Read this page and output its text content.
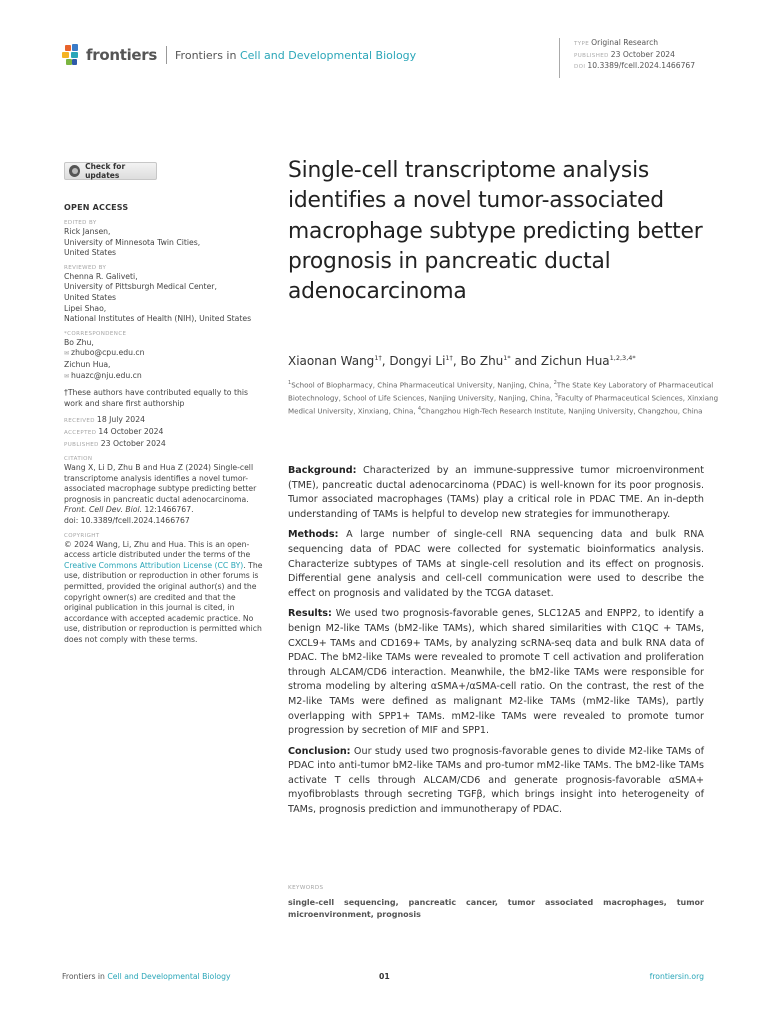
frontiers Frontiers in Cell and Developmental Biology
TYPE Original Research
PUBLISHED 23 October 2024
DOI 10.3389/fcell.2024.1466767
Check for updates
OPEN ACCESS
EDITED BY
Rick Jansen,
University of Minnesota Twin Cities,
United States
REVIEWED BY
Chenna R. Galiveti,
University of Pittsburgh Medical Center,
United States
Lipei Shao,
National Institutes of Health (NIH), United States
*CORRESPONDENCE
Bo Zhu,
✉ zhubo@cpu.edu.cn
Zichun Hua,
✉ huazc@nju.edu.cn
†These authors have contributed equally to this work and share first authorship
RECEIVED 18 July 2024
ACCEPTED 14 October 2024
PUBLISHED 23 October 2024
CITATION
Wang X, Li D, Zhu B and Hua Z (2024) Single-cell transcriptome analysis identifies a novel tumor-associated macrophage subtype predicting better prognosis in pancreatic ductal adenocarcinoma.
Front. Cell Dev. Biol. 12:1466767.
doi: 10.3389/fcell.2024.1466767
COPYRIGHT
© 2024 Wang, Li, Zhu and Hua. This is an open-access article distributed under the terms of the Creative Commons Attribution License (CC BY). The use, distribution or reproduction in other forums is permitted, provided the original author(s) and the copyright owner(s) are credited and that the original publication in this journal is cited, in accordance with accepted academic practice. No use, distribution or reproduction is permitted which does not comply with these terms.
Single-cell transcriptome analysis identifies a novel tumor-associated macrophage subtype predicting better prognosis in pancreatic ductal adenocarcinoma
Xiaonan Wang$^{1\dagger}$, Dongyi $Li^{1\dagger}$, Bo Zhu$^{1*}$ and Zichun Hua$^{1,2,3,4*}$
$^1$School of Biopharmacy, China Pharmaceutical University, Nanjing, China, $^2$The State Key Laboratory of Pharmaceutical Biotechnology, School of Life Sciences, Nanjing University, Nanjing, China, $^3$Faculty of Pharmaceutical Sciences, Xinxiang Medical University, Xinxiang, China, $^4$Changzhou High-Tech Research Institute, Nanjing University, Changzhou, China

Background: Characterized by an immune-suppressive tumor microenvironment (TME), pancreatic ductal adenocarcinoma (PDAC) is well-known for its poor prognosis. Tumor associated macrophages (TAMs) play a critical role in PDAC TME. An in-depth understanding of TAMs is helpful to develop new strategies for immunotherapy.

Methods: A large number of single-cell RNA sequencing data and bulk RNA sequencing data of PDAC were collected for systematic bioinformatics analysis. Characterize subtypes of TAMs at single-cell resolution and its effect on prognosis. Differential gene analysis and cell-cell communication were used to describe the effect on prognosis and validated by the TCGA dataset.

Results: We used two prognosis-favorable genes, SLC12A5 and ENPP2, to identify a benign M2-like TAMs (bM2-like TAMs), which shared similarities with C1QC + TAMs, CXCL9+ TAMs and CD169+ TAMs, by analyzing scRNA-seq data and bulk RNA data of PDAC. The bM2-like TAMs were revealed to promote T cell activation and proliferation through ALCAM/CD6 interaction. Meanwhile, the bM2-like TAMs were responsible for stroma modeling by altering αSMA+/αSMA-cell ratio. On the contrast, the rest of the M2-like TAMs were defined as malignant M2-like TAMs (mM2-like TAMs), partly overlapping with SPP1+ TAMs. mM2-like TAMs were revealed to promote tumor progression by secretion of MIF and SPP1.

Conclusion: Our study used two prognosis-favorable genes to divide M2-like TAMs of PDAC into anti-tumor bM2-like TAMs and pro-tumor mM2-like TAMs. The bM2-like TAMs activate T cells through ALCAM/CD6 and generate prognosis-favorable αSMA+ myofibroblasts through secreting TGFβ, which brings insight into heterogeneity of TAMs, prognosis prediction and immunotherapy of PDAC.

KEYWORDS
single-cell sequencing, pancreatic cancer, tumor associated macrophages, tumor microenvironment, prognosis
Frontiers in Cell and Developmental Biology	01	frontiersin.org
